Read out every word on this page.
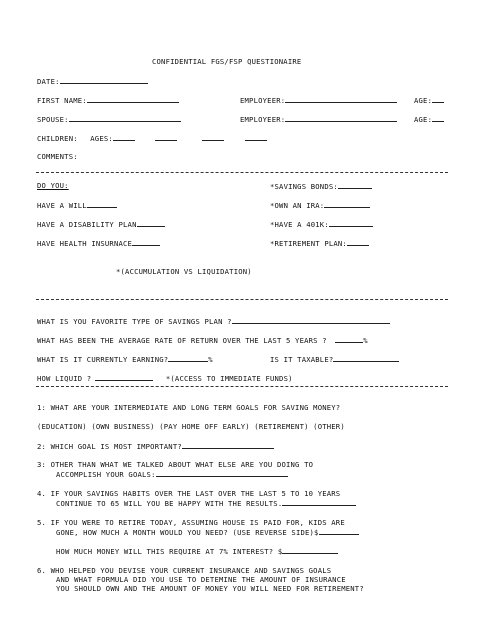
CONFIDENTIAL FGS/FSP QUESTIONAIRE
DATE:
FIRST NAME:	EMPLOYEER:	AGE:
SPOUSE:	EMPLOYEER:	AGE:
CHILDREN: AGES:
COMMENTS:
DO YOU:	*SAVINGS BONDS:
HAVE A WILL	*OWN AN IRA:
HAVE A DISABILITY PLAN	*HAVE A 401K:
HAVE HEALTH INSURNACE	*RETIREMENT PLAN:
*(ACCUMULATION VS LIQUIDATION)
WHAT IS YOU FAVORITE TYPE OF SAVINGS PLAN ?
WHAT HAS BEEN THE AVERAGE RATE OF RETURN OVER THE LAST 5 YEARS ?	%
WHAT IS IT CURRENTLY EARNING?	%	IS IT TAXABLE?
HOW LIQUID ?	*(ACCESS TO IMMEDIATE FUNDS)
1: WHAT ARE YOUR INTERMEDIATE AND LONG TERM GOALS FOR SAVING MONEY?
(EDUCATION) (OWN BUSINESS) (PAY HOME OFF EARLY) (RETIREMENT) (OTHER)
2: WHICH GOAL IS MOST IMPORTANT?
3: OTHER THAN WHAT WE TALKED ABOUT WHAT ELSE ARE YOU DOING TO
ACCOMPLISH YOUR GOALS:
4. IF YOUR SAVINGS HABITS OVER THE LAST OVER THE LAST 5 TO 10 YEARS
CONTINUE TO 65 WILL YOU BE HAPPY WITH THE RESULTS.
5. IF YOU WERE TO RETIRE TODAY, ASSUMING HOUSE IS PAID FOR, KIDS ARE
GONE, HOW MUCH A MONTH WOULD YOU NEED? (USE REVERSE SIDE)$
HOW MUCH MONEY WILL THIS REQUIRE AT 7% INTEREST? $
6. WHO HELPED YOU DEVISE YOUR CURRENT INSURANCE AND SAVINGS GOALS
AND WHAT FORMULA DID YOU USE TO DETEMINE THE AMOUNT OF INSURANCE
YOU SHOULD OWN AND THE AMOUNT OF MONEY YOU WILL NEED FOR RETIREMENT?
